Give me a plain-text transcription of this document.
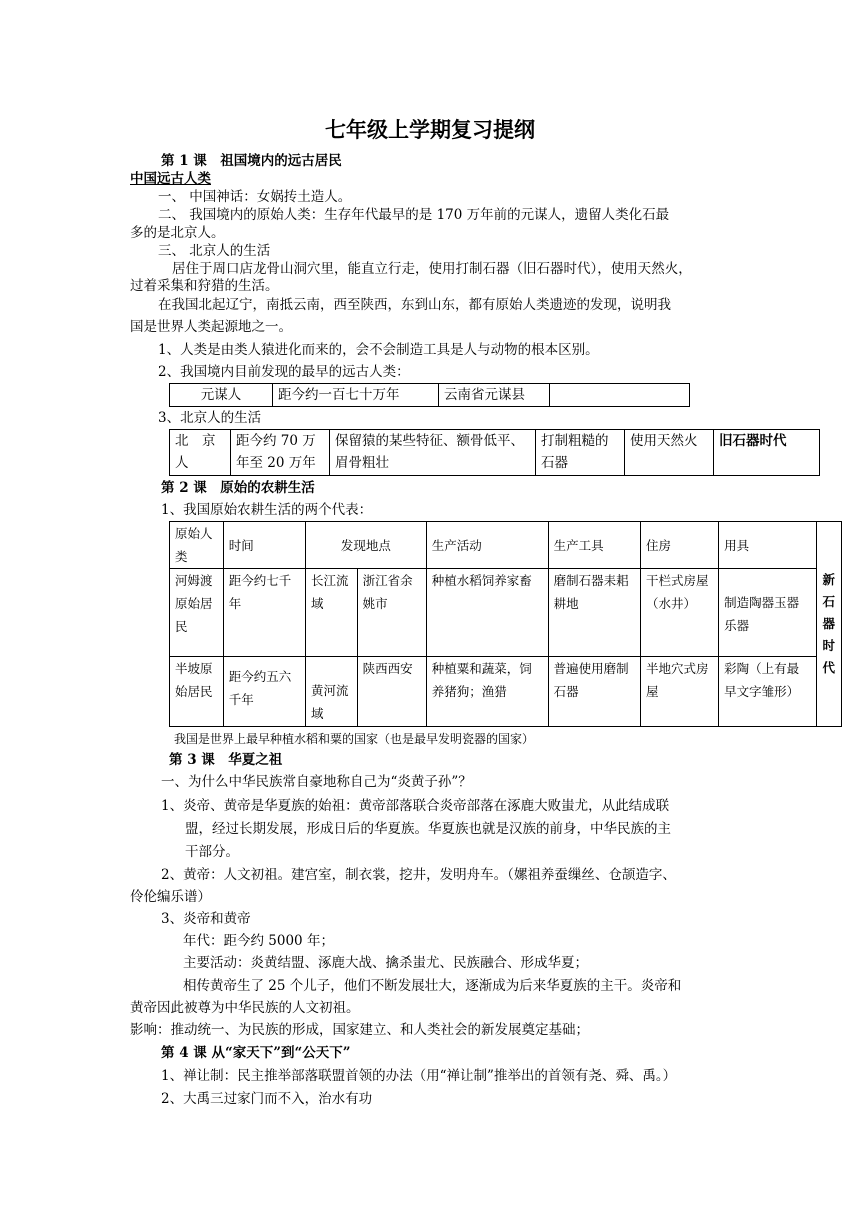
七年级上学期复习提纲
第 1 课　祖国境内的远古居民
中国远古人类
一、 中国神话：女娲抟土造人。
二、 我国境内的原始人类：生存年代最早的是 170 万年前的元谋人，遗留人类化石最
多的是北京人。
三、 北京人的生活
居住于周口店龙骨山洞穴里，能直立行走，使用打制石器（旧石器时代），使用天然火，
过着采集和狩猎的生活。
在我国北起辽宁，南抵云南，西至陕西，东到山东，都有原始人类遗迹的发现，说明我
国是世界人类起源地之一。
1、人类是由类人猿进化而来的，会不会制造工具是人与动物的根本区别。
2、我国境内目前发现的最早的远古人类：
元谋人	距今约一百七十万年	云南省元谋县	
3、北京人的生活
北　京人	距今约 70 万年至 20 万年	保留猿的某些特征、额骨低平、眉骨粗壮	打制粗糙的石器	使用天然火	旧石器时代
第 2 课　原始的农耕生活
1、我国原始农耕生活的两个代表：
原始人类	时间	发现地点		生产活动	生产工具	住房	用具	新石器时代
河姆渡原始居民	距今约七千年	长江流域	浙江省余姚市	种植水稻饲养家畜	磨制石器耒耜耕地	干栏式房屋（水井）	制造陶器玉器乐器	
半坡原始居民	距今约五六千年	黄河流域	陕西西安	种植粟和蔬菜，饲养猪狗；渔猎	普遍使用磨制石器	半地穴式房屋	彩陶（上有最早文字雏形）	
我国是世界上最早种植水稻和粟的国家（也是最早发明瓷器的国家）
第 3 课　华夏之祖
一、为什么中华民族常自豪地称自己为“炎黄子孙”？
1、炎帝、黄帝是华夏族的始祖：黄帝部落联合炎帝部落在涿鹿大败蚩尤，从此结成联
盟，经过长期发展，形成日后的华夏族。华夏族也就是汉族的前身，中华民族的主
干部分。
2、黄帝：人文初祖。建宫室，制衣裳，挖井，发明舟车。（嫘祖养蚕缫丝、仓颉造字、
伶伦编乐谱）
3、炎帝和黄帝
年代：距今约 5000 年；
主要活动：炎黄结盟、涿鹿大战、擒杀蚩尤、民族融合、形成华夏；
相传黄帝生了 25 个儿子，他们不断发展壮大，逐渐成为后来华夏族的主干。炎帝和
黄帝因此被尊为中华民族的人文初祖。
影响：推动统一、为民族的形成，国家建立、和人类社会的新发展奠定基础；
第 4 课 从“家天下”到“公天下”
1、禅让制：民主推举部落联盟首领的办法（用“禅让制”推举出的首领有尧、舜、禹。）
2、大禹三过家门而不入，治水有功
